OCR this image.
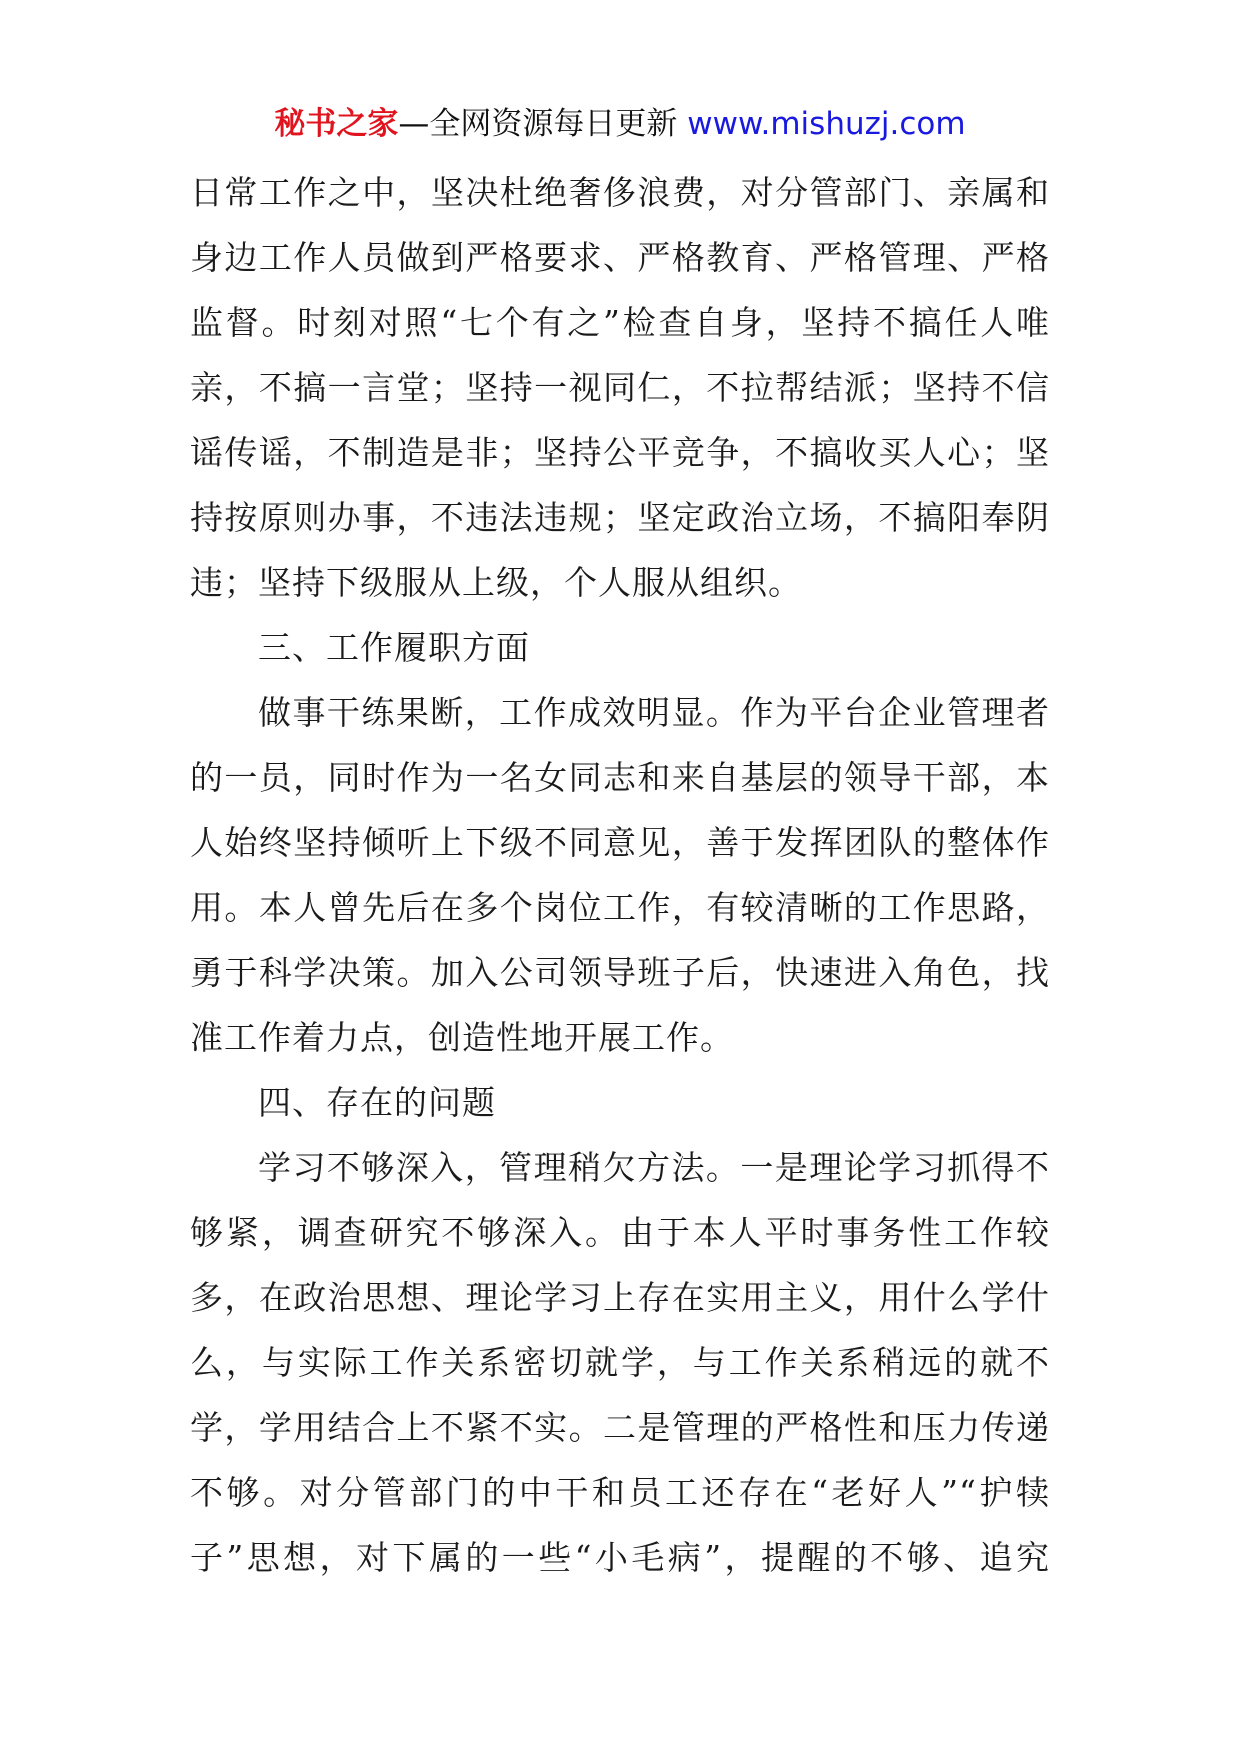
秘书之家—全网资源每日更新 www.mishuzj.com
日常工作之中，坚决杜绝奢侈浪费，对分管部门、亲属和
身边工作人员做到严格要求、严格教育、严格管理、严格
监督。时刻对照“七个有之”检查自身，坚持不搞任人唯
亲，不搞一言堂；坚持一视同仁，不拉帮结派；坚持不信
谣传谣，不制造是非；坚持公平竞争，不搞收买人心；坚
持按原则办事，不违法违规；坚定政治立场，不搞阳奉阴
违；坚持下级服从上级，个人服从组织。
三、工作履职方面
做事干练果断，工作成效明显。作为平台企业管理者
的一员，同时作为一名女同志和来自基层的领导干部，本
人始终坚持倾听上下级不同意见，善于发挥团队的整体作
用。本人曾先后在多个岗位工作，有较清晰的工作思路，
勇于科学决策。加入公司领导班子后，快速进入角色，找
准工作着力点，创造性地开展工作。
四、存在的问题
学习不够深入，管理稍欠方法。一是理论学习抓得不
够紧，调查研究不够深入。由于本人平时事务性工作较
多，在政治思想、理论学习上存在实用主义，用什么学什
么，与实际工作关系密切就学，与工作关系稍远的就不
学，学用结合上不紧不实。二是管理的严格性和压力传递
不够。对分管部门的中干和员工还存在“老好人”“护犊
子”思想，对下属的一些“小毛病”，提醒的不够、追究
